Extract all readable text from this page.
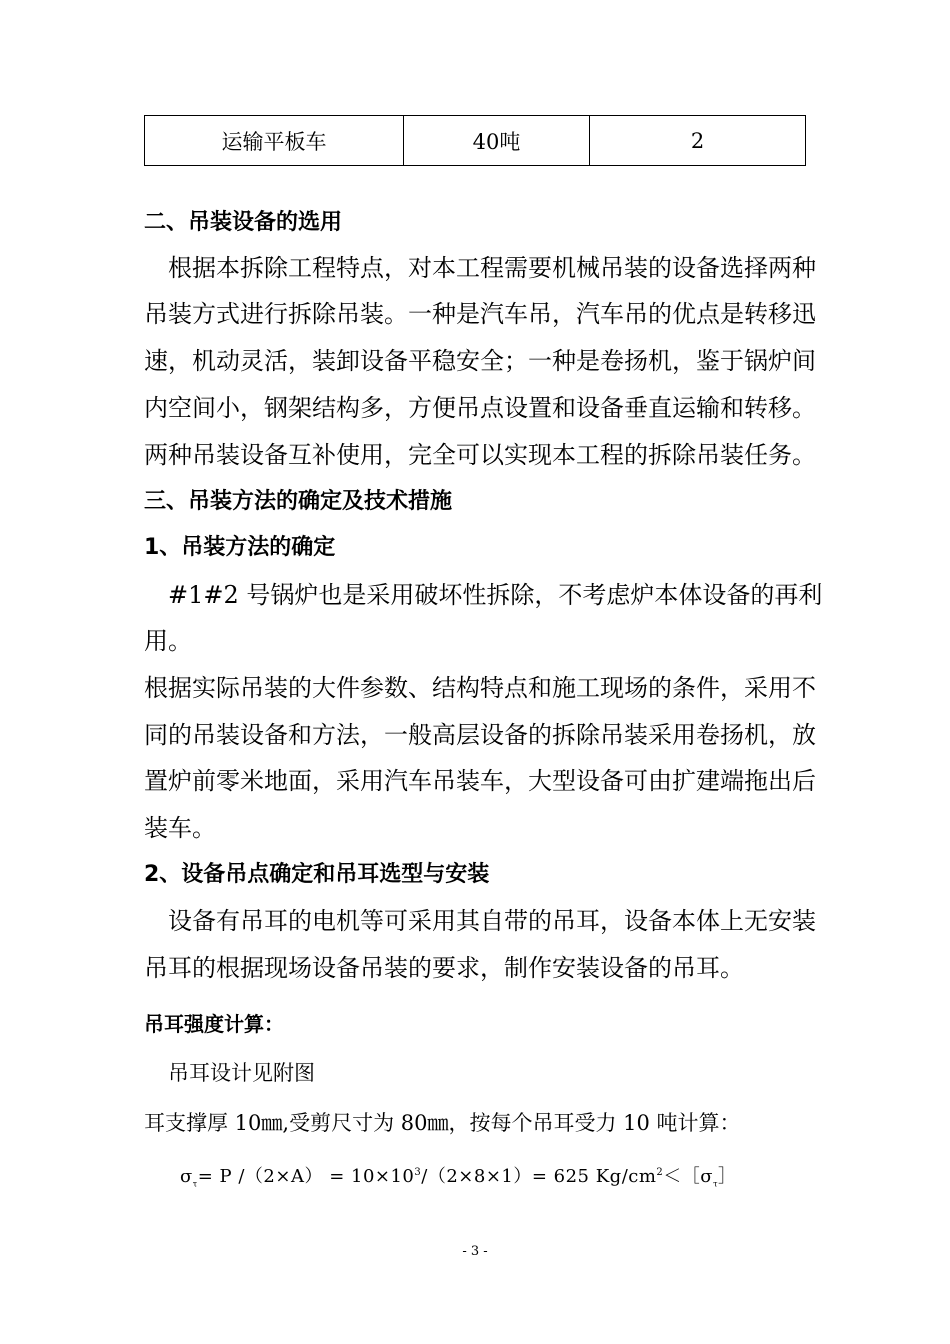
运输平板车	40吨	2
二、吊装设备的选用
根据本拆除工程特点，对本工程需要机械吊装的设备选择两种
吊装方式进行拆除吊装。一种是汽车吊，汽车吊的优点是转移迅
速，机动灵活，装卸设备平稳安全；一种是卷扬机，鉴于锅炉间
内空间小，钢架结构多，方便吊点设置和设备垂直运输和转移。
两种吊装设备互补使用，完全可以实现本工程的拆除吊装任务。
三、吊装方法的确定及技术措施
1、吊装方法的确定
#1#2 号锅炉也是采用破坏性拆除，不考虑炉本体设备的再利
用。
根据实际吊装的大件参数、结构特点和施工现场的条件，采用不
同的吊装设备和方法，一般高层设备的拆除吊装采用卷扬机，放
置炉前零米地面，采用汽车吊装车，大型设备可由扩建端拖出后
装车。
2、设备吊点确定和吊耳选型与安装
设备有吊耳的电机等可采用其自带的吊耳，设备本体上无安装
吊耳的根据现场设备吊装的要求，制作安装设备的吊耳。
吊耳强度计算：
吊耳设计见附图
耳支撑厚 10㎜,受剪尺寸为 80㎜，按每个吊耳受力 10 吨计算：
$\sigma_\tau= P$ $/(2\times A) = 10\times 10^3/(2\times 8\times 1)= 625$ $Kg/cm^2<[\sigma_\tau]$
- 3 -
